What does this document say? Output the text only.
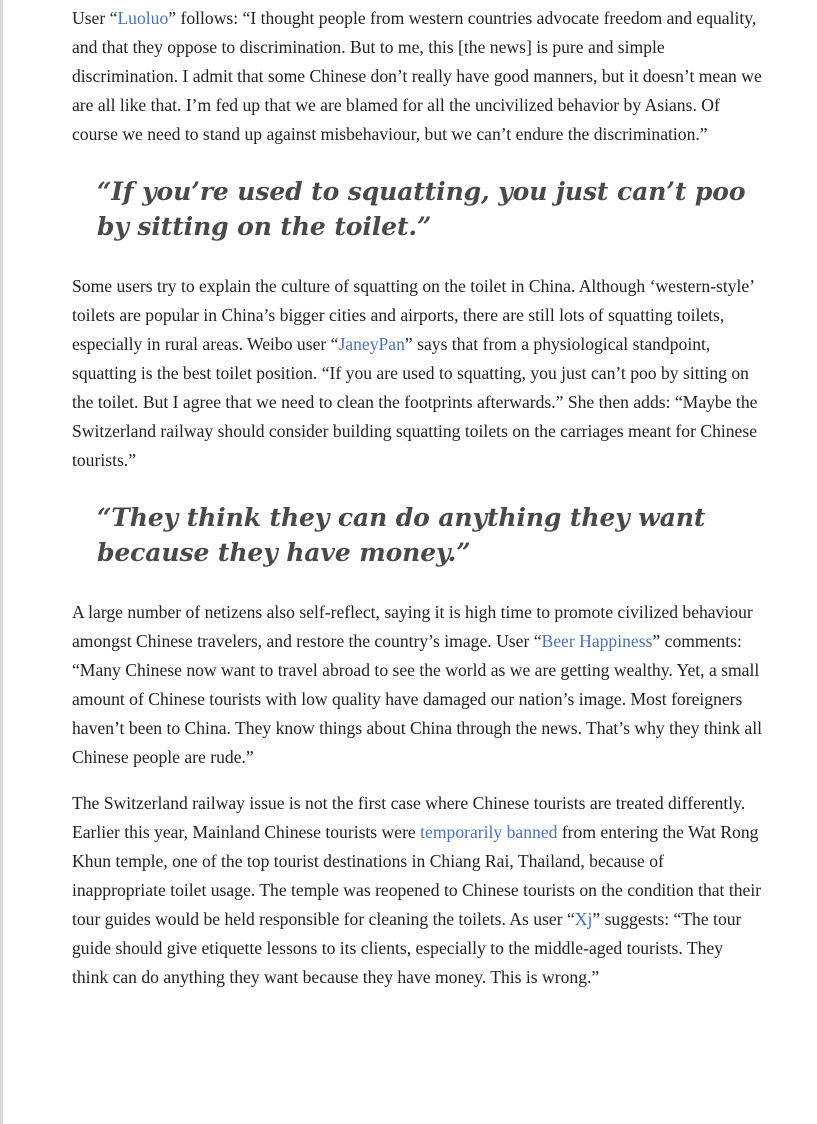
User “Luoluo” follows: “I thought people from western countries advocate freedom and equality, and that they oppose to discrimination. But to me, this [the news] is pure and simple discrimination. I admit that some Chinese don’t really have good manners, but it doesn’t mean we are all like that. I’m fed up that we are blamed for all the uncivilized behavior by Asians. Of course we need to stand up against misbehaviour, but we can’t endure the discrimination.”

“If you’re used to squatting, you just can’t poo by sitting on the toilet.”

Some users try to explain the culture of squatting on the toilet in China. Although ‘western-style’ toilets are popular in China’s bigger cities and airports, there are still lots of squatting toilets, especially in rural areas. Weibo user “JaneyPan” says that from a physiological standpoint, squatting is the best toilet position. “If you are used to squatting, you just can’t poo by sitting on the toilet. But I agree that we need to clean the footprints afterwards.” She then adds: “Maybe the Switzerland railway should consider building squatting toilets on the carriages meant for Chinese tourists.”

“They think they can do anything they want because they have money.”

A large number of netizens also self-reflect, saying it is high time to promote civilized behaviour amongst Chinese travelers, and restore the country’s image. User “Beer Happiness” comments: “Many Chinese now want to travel abroad to see the world as we are getting wealthy. Yet, a small amount of Chinese tourists with low quality have damaged our nation’s image. Most foreigners haven’t been to China. They know things about China through the news. That’s why they think all Chinese people are rude.”

The Switzerland railway issue is not the first case where Chinese tourists are treated differently. Earlier this year, Mainland Chinese tourists were temporarily banned from entering the Wat Rong Khun temple, one of the top tourist destinations in Chiang Rai, Thailand, because of inappropriate toilet usage. The temple was reopened to Chinese tourists on the condition that their tour guides would be held responsible for cleaning the toilets. As user “Xj” suggests: “The tour guide should give etiquette lessons to its clients, especially to the middle-aged tourists. They think can do anything they want because they have money. This is wrong.”
